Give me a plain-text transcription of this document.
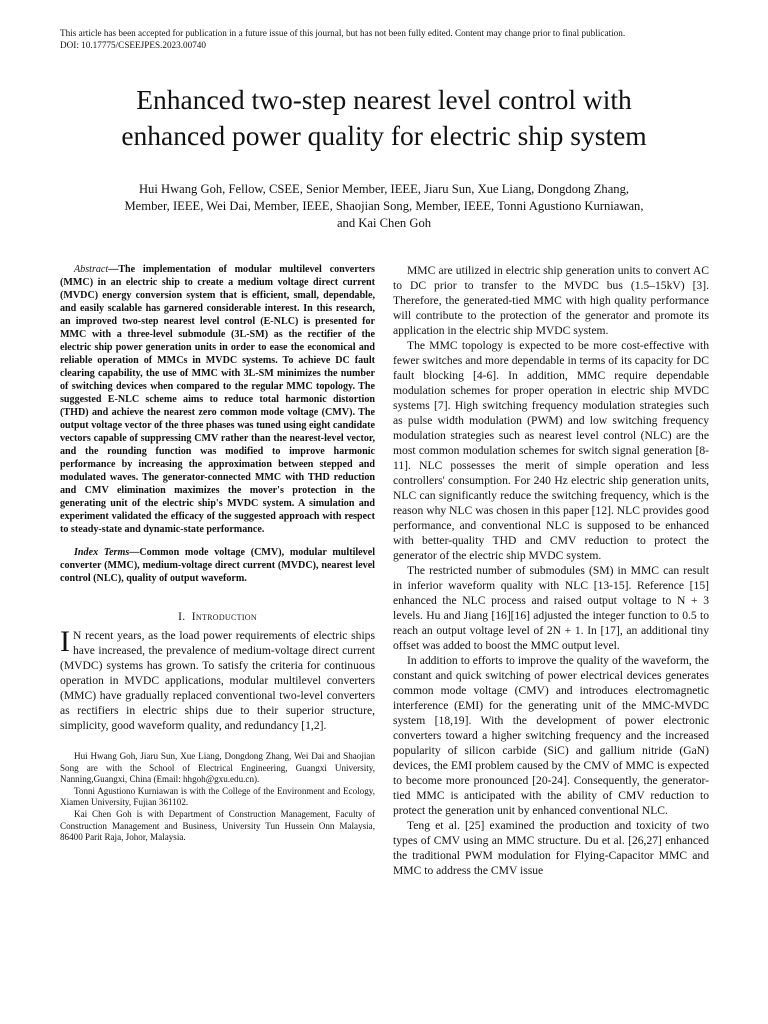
This article has been accepted for publication in a future issue of this journal, but has not been fully edited. Content may change prior to final publication.
DOI: 10.17775/CSEEJPES.2023.00740
Enhanced two-step nearest level control with
enhanced power quality for electric ship system
Hui Hwang Goh, Fellow, CSEE, Senior Member, IEEE, Jiaru Sun, Xue Liang, Dongdong Zhang,
Member, IEEE, Wei Dai, Member, IEEE, Shaojian Song, Member, IEEE, Tonni Agustiono Kurniawan,
and Kai Chen Goh

Abstract—The implementation of modular multilevel converters (MMC) in an electric ship to create a medium voltage direct current (MVDC) energy conversion system that is efficient, small, dependable, and easily scalable has garnered considerable interest. In this research, an improved two-step nearest level control (E-NLC) is presented for MMC with a three-level submodule (3L-SM) as the rectifier of the electric ship power generation units in order to ease the economical and reliable operation of MMCs in MVDC systems. To achieve DC fault clearing capability, the use of MMC with 3L-SM minimizes the number of switching devices when compared to the regular MMC topology. The suggested E-NLC scheme aims to reduce total harmonic distortion (THD) and achieve the nearest zero common mode voltage (CMV). The output voltage vector of the three phases was tuned using eight candidate vectors capable of suppressing CMV rather than the nearest-level vector, and the rounding function was modified to improve harmonic performance by increasing the approximation between stepped and modulated waves. The generator-connected MMC with THD reduction and CMV elimination maximizes the mover's protection in the generating unit of the electric ship's MVDC system. A simulation and experiment validated the efficacy of the suggested approach with respect to steady-state and dynamic-state performance.

Index Terms—Common mode voltage (CMV), modular multilevel converter (MMC), medium-voltage direct current (MVDC), nearest level control (NLC), quality of output waveform.

I. Introduction

I N recent years, as the load power requirements of electric ships have increased, the prevalence of medium-voltage direct current (MVDC) systems has grown. To satisfy the criteria for continuous operation in MVDC applications, modular multilevel converters (MMC) have gradually replaced conventional two-level converters as rectifiers in electric ships due to their superior structure, simplicity, good waveform quality, and redundancy [1,2].

Hui Hwang Goh, Jiaru Sun, Xue Liang, Dongdong Zhang, Wei Dai and Shaojian Song are with the School of Electrical Engineering, Guangxi University, Nanning,Guangxi, China (Email: hhgoh@gxu.edu.cn).

Tonni Agustiono Kurniawan is with the College of the Environment and Ecology, Xiamen University, Fujian 361102.

Kai Chen Goh is with Department of Construction Management, Faculty of Construction Management and Business, University Tun Hussein Onn Malaysia, 86400 Parit Raja, Johor, Malaysia.

MMC are utilized in electric ship generation units to convert AC to DC prior to transfer to the MVDC bus (1.5–15kV) [3]. Therefore, the generated-tied MMC with high quality performance will contribute to the protection of the generator and promote its application in the electric ship MVDC system.

The MMC topology is expected to be more cost-effective with fewer switches and more dependable in terms of its capacity for DC fault blocking [4-6]. In addition, MMC require dependable modulation schemes for proper operation in electric ship MVDC systems [7]. High switching frequency modulation strategies such as pulse width modulation (PWM) and low switching frequency modulation strategies such as nearest level control (NLC) are the most common modulation schemes for switch signal generation [8-11]. NLC possesses the merit of simple operation and less controllers' consumption. For 240 Hz electric ship generation units, NLC can significantly reduce the switching frequency, which is the reason why NLC was chosen in this paper [12]. NLC provides good performance, and conventional NLC is supposed to be enhanced with better-quality THD and CMV reduction to protect the generator of the electric ship MVDC system.

The restricted number of submodules (SM) in MMC can result in inferior waveform quality with NLC [13-15]. Reference [15] enhanced the NLC process and raised output voltage to N + 3 levels. Hu and Jiang [16][16] adjusted the integer function to 0.5 to reach an output voltage level of 2N + 1. In [17], an additional tiny offset was added to boost the MMC output level.

In addition to efforts to improve the quality of the waveform, the constant and quick switching of power electrical devices generates common mode voltage (CMV) and introduces electromagnetic interference (EMI) for the generating unit of the MMC-MVDC system [18,19]. With the development of power electronic converters toward a higher switching frequency and the increased popularity of silicon carbide (SiC) and gallium nitride (GaN) devices, the EMI problem caused by the CMV of MMC is expected to become more pronounced [20-24]. Consequently, the generator-tied MMC is anticipated with the ability of CMV reduction to protect the generation unit by enhanced conventional NLC.

Teng et al. [25] examined the production and toxicity of two types of CMV using an MMC structure. Du et al. [26,27] enhanced the traditional PWM modulation for Flying-Capacitor MMC and MMC to address the CMV issue
